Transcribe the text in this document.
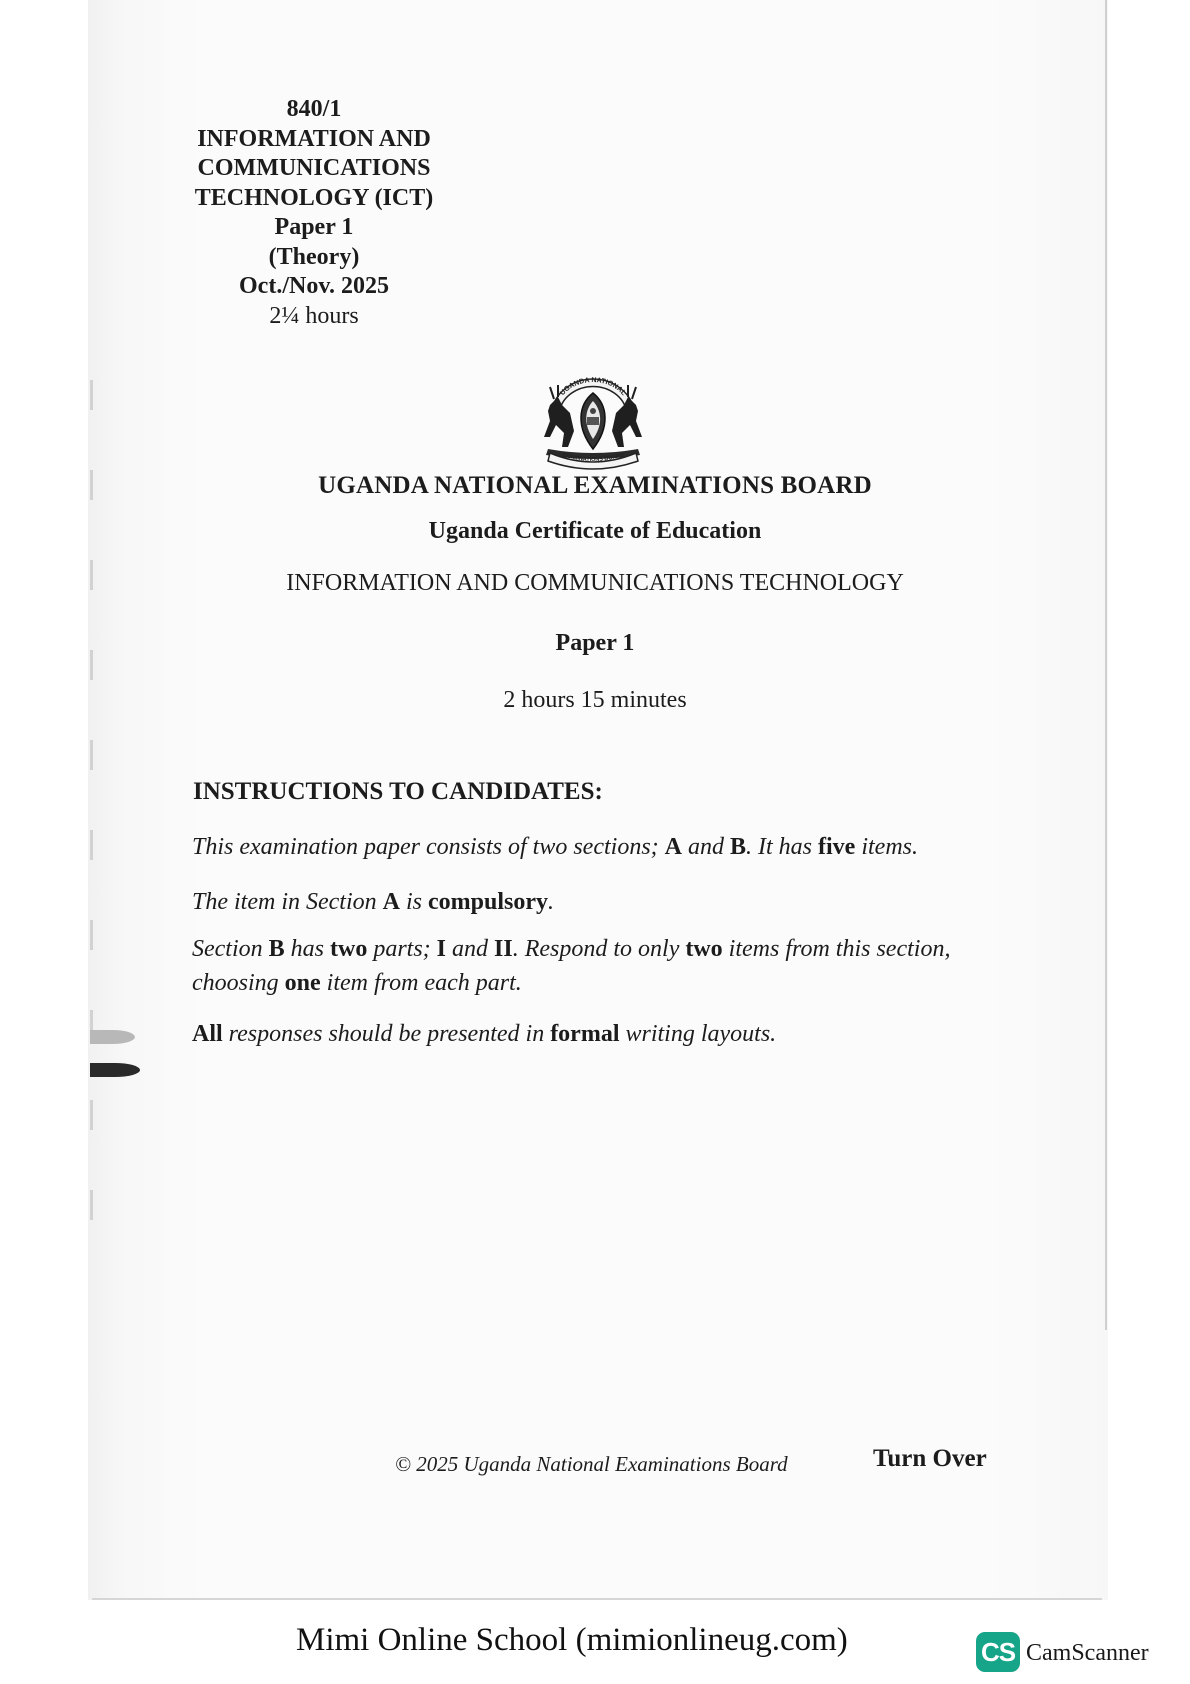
840/1
INFORMATION AND
COMMUNICATIONS
TECHNOLOGY (ICT)
Paper 1
(Theory)
Oct./Nov. 2025
2¼ hours
UGANDA NATIONAL
EXAMINATIONS BOARD
UGANDA NATIONAL EXAMINATIONS BOARD
Uganda Certificate of Education
INFORMATION AND COMMUNICATIONS TECHNOLOGY
Paper 1
2 hours 15 minutes
INSTRUCTIONS TO CANDIDATES:
This examination paper consists of two sections; A and B. It has five items.
The item in Section A is compulsory.
Section B has two parts; I and II. Respond to only two items from this section, choosing one item from each part.
All responses should be presented in formal writing layouts.
© 2025 Uganda National Examinations Board	Turn Over
Mimi Online School (mimionlineug.com)	CS CamScanner
